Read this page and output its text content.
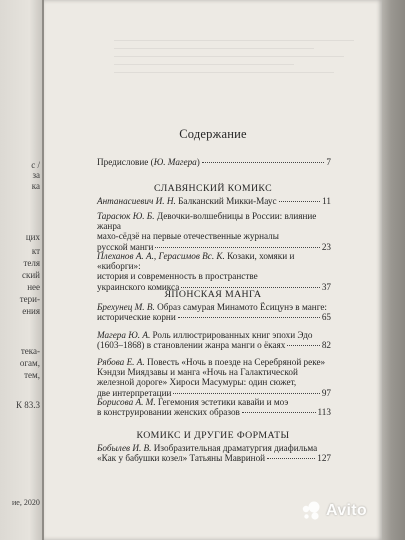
с /
за
ка
цих
кт
теля
ский
нее
тери-
ения
тека-
огам,
тем,
К 83.3
ие, 2020
Содержание
Предисловие (Ю. Магера)	7
СЛАВЯНСКИЙ КОМИКС
Антанасиевич И. Н. Балканский Микки-Маус	11
Тарасюк Ю. Б. Девочки-волшебницы в России: влияние жанра
махо-сёдзё на первые отечественные журналы
русской манги	23
Плеханов А. А., Герасимов Вс. К. Козаки, хомяки и «киборги»:
история и современность в пространстве
украинского комикса	37
ЯПОНСКАЯ МАНГА
Брехунец М. В. Образ самурая Минамото Ёсицунэ в манге:
исторические корни	65
Магера Ю. А. Роль иллюстрированных книг эпохи Эдо
(1603–1868) в становлении жанра манги о ёкаях	82
Рябова Е. А. Повесть «Ночь в поезде на Серебряной реке»
Кэндзи Миядзавы и манга «Ночь на Галактической
железной дороге» Хироси Масумуры: один сюжет,
две интерпретации	97
Борисова А. М. Гегемония эстетики кавайи и моэ
в конструировании женских образов	113
КОМИКС И ДРУГИЕ ФОРМАТЫ
Бобылев И. В. Изобразительная драматургия диафильма
«Как у бабушки козел» Татьяны Мавриной	127
Avito
